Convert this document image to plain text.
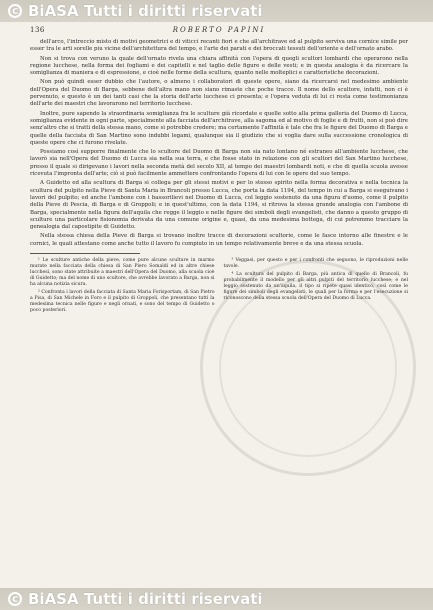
c
BiASA Tutti i diritti riservati
136	ROBERTO PAPINI

dell'arco, l'intreccio misto di motivi geometrici e di viticci recanti fiori e che all'architrave ed al pulpito serviva una cornice simile per esser tra le arti sorelle piu vicine dell'architettura del tempo, e l'arte dei parati e dei broccati tessuti dell'oriente e dell'ornato arabo.

Non si trova con veruno la quale dell'ornato rivela una chiara affinità con l'opera di quegli scultori lombardi che operarono nella regione lucchese, nella forma dei fogliami e dei capitelli e nel taglio delle figure e delle vesti; e in questa analogia è da ricercare la somiglianza di maniera e di espressione, e cioè nelle forme della scultura, quanto nelle molteplici e caratteristiche decorazioni.

Non può quindi esser dubbio che l'autore, o almeno i collaboratori di queste opere, siano da ricercarsi nel medesimo ambiente dell'Opera del Duomo di Barga, sebbene dell'altra mano non siano rimaste che poche tracce. Il nome dello scultore, infatti, non ci è pervenuto, e questo è un dei tanti casi che la storia dell'arte lucchese ci presenta; e l'opera veduta di lui ci resta come testimonianza dell'arte dei maestri che lavorarono nel territorio lucchese.

Inoltre, pure sapendo la straordinaria somiglianza fra le sculture già ricordate e quelle sotto alla prima galleria del Duomo di Lucca, somiglianza evidente in ogni parte, specialmente alla facciata dell'architrave, alla sagoma ed al motivo di foglie e di frutti, non si può dire senz'altro che si tratti della stessa mano, come si potrebbe credere; ma certamente l'affinità è tale che fra le figure del Duomo di Barga e quelle della facciata di San Martino sono indubbi legami, qualunque sia il giudizio che si voglia dare sulla successione cronologica di queste opere che ci furono rivelate.

Possiamo così supporre finalmente che lo scultore del Duomo di Barga non sia nato lontano né estraneo all'ambiente lucchese, che lavorò sia nell'Opera del Duomo di Lucca sia nella sua terra, e che fosse stato in relazione con gli scultori del San Martino lucchese, presso il quale si dirigevano i lavori nella seconda metà del secolo XII, al tempo dei maestri lombardi noti, e che di quella scuola avesse ricevuta l'impronta dell'arte; ciò si può facilmente ammettere confrontando l'opera di lui con le opere del suo tempo.

A Guidetto ed alla scultura di Barga si collega per gli stessi motivi e per lo stesso spirito nella forma decorativa e nella tecnica la scultura del pulpito nella Pieve di Santa Maria in Brancoli presso Lucca, che porta la data 1194, del tempo in cui a Barga si eseguivano i lavori del pulpito; ed anche l'ambone con i bassorilievi nel Duomo di Lucca, col leggio sostenuto da una figura d'uomo, come il pulpito della Pieve di Pescia, di Barga e di Groppoli; e in quest'ultimo, con la data 1194, si ritrova la stessa grande analogia con l'ambone di Barga, specialmente nella figura dell'aquila che regge il leggio e nelle figure dei simboli degli evangelisti, che danno a questo gruppo di sculture una particolare fisionomia derivata da una comune origine e, quasi, da una medesima bottega, di cui potremmo tracciare la genealogia dal capostipite di Guidetto.

Nella stessa chiesa della Pieve di Barga si trovano inoltre tracce di decorazioni scultorie, come le fasce intorno alle finestre e le cornici, le quali attestano come anche tutto il lavoro fu compiuto in un tempo relativamente breve e da una stessa scuola.

¹ Le sculture antiche della pieve, come pure alcune sculture in marmo murate nella facciata della chiesa di San Piero Somaldi ed in altre chiese lucchesi, sono state attribuite a maestri dell'Opera del Duomo, alla scuola cioè di Guidetto; ma del nome di uno scultore, che avrebbe lavorato a Barga, non si ha alcuna notizia sicura.

² Confronta i lavori della facciata di Santa Maria Forisportam, di San Pietro a Pisa, di San Michele in Foro e il pulpito di Groppoli, che presentano tutti la medesima tecnica nelle figure e negli ornati, e sono del tempo di Guidetto o poco posteriori.

³ Veggasi, per questo e per i confronti che seguono, le riproduzioni nelle tavole.

⁴ La scultura del pulpito di Barga, più antica di quello di Brancoli, fu probabilmente il modello per gli altri pulpiti del territorio lucchese; e nel leggio sostenuto da un'aquila, il tipo si ripete quasi identico, così come le figure dei simboli degli evangelisti, le quali per la forma e per l'esecuzione si riconoscono della stessa scuola dell'Opera del Duomo di Lucca.

c
BiASA Tutti i diritti riservati
